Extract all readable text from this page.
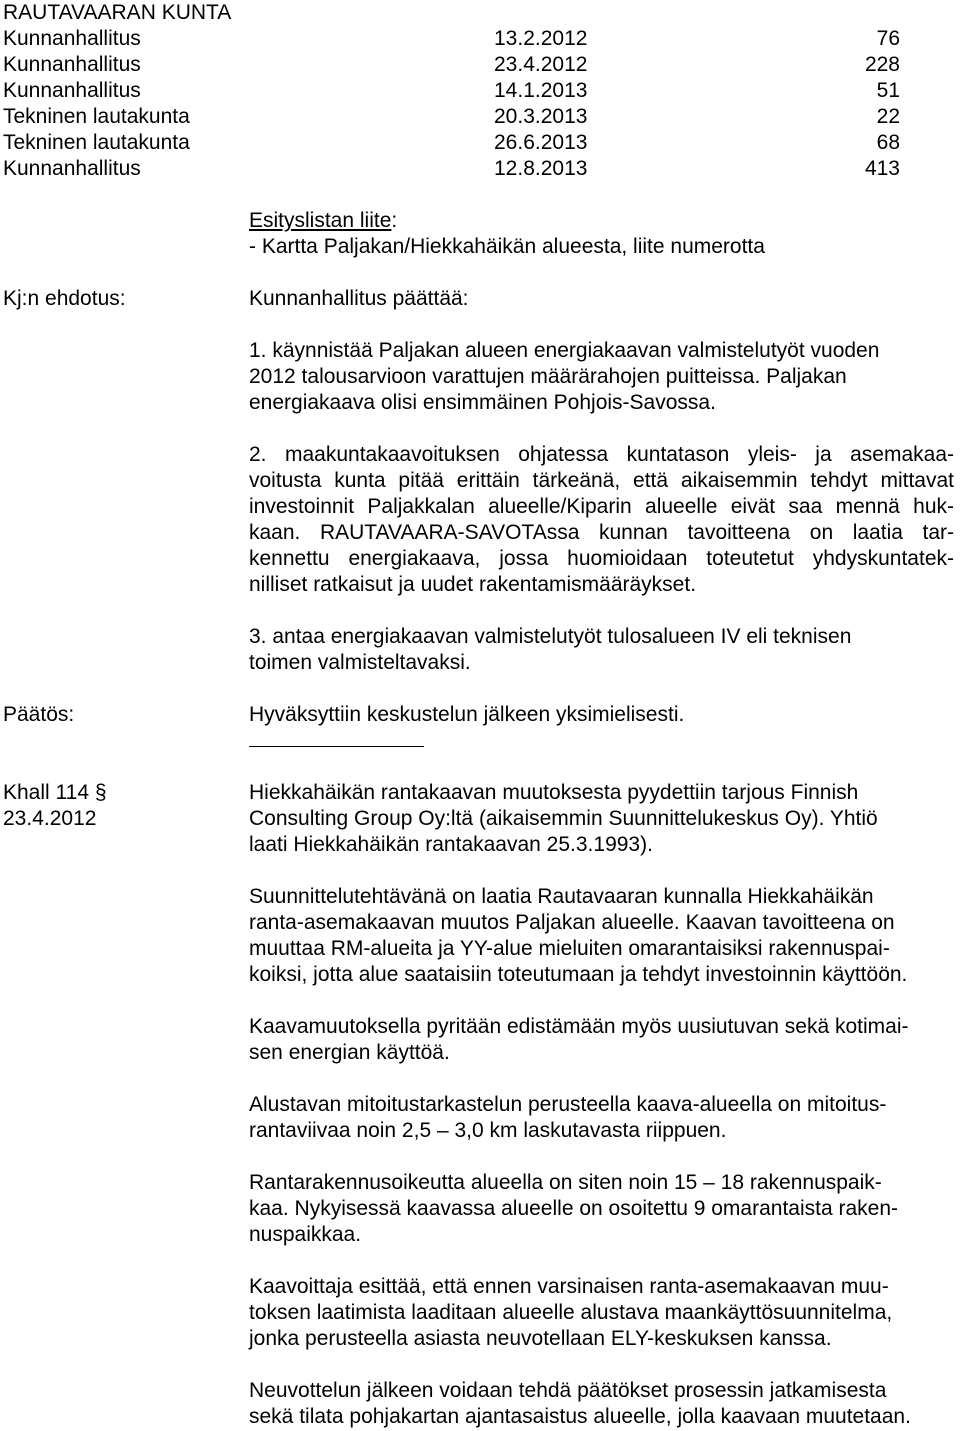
RAUTAVAARAN KUNTA
Kunnanhallitus	13.2.2012	76
Kunnanhallitus	23.4.2012	228
Kunnanhallitus	14.1.2013	51
Tekninen lautakunta	20.3.2013	22
Tekninen lautakunta	26.6.2013	68
Kunnanhallitus	12.8.2013	413
Esityslistan liite:
- Kartta Paljakan/Hiekkahäikän alueesta, liite numerotta
Kj:n ehdotus:	Kunnanhallitus päättää:
1. käynnistää Paljakan alueen energiakaavan valmistelutyöt vuoden
2012 talousarvioon varattujen määrärahojen puitteissa. Paljakan
energiakaava olisi ensimmäinen Pohjois-Savossa.
2. maakuntakaavoituksen ohjatessa kuntatason yleis- ja asemakaa-
voitusta kunta pitää erittäin tärkeänä, että aikaisemmin tehdyt mittavat
investoinnit Paljakkalan alueelle/Kiparin alueelle eivät saa mennä huk-
kaan. RAUTAVAARA-SAVOTAssa kunnan tavoitteena on laatia tar-
kennettu energiakaava, jossa huomioidaan toteutetut yhdyskuntatek-
nilliset ratkaisut ja uudet rakentamismääräykset.
3. antaa energiakaavan valmistelutyöt tulosalueen IV eli teknisen
toimen valmisteltavaksi.
Päätös:	Hyväksyttiin keskustelun jälkeen yksimielisesti.
Khall 114 §
23.4.2012
Hiekkahäikän rantakaavan muutoksesta pyydettiin tarjous Finnish
Consulting Group Oy:ltä (aikaisemmin Suunnittelukeskus Oy). Yhtiö
laati Hiekkahäikän rantakaavan 25.3.1993).
Suunnittelutehtävänä on laatia Rautavaaran kunnalla Hiekkahäikän
ranta-asemakaavan muutos Paljakan alueelle. Kaavan tavoitteena on
muuttaa RM-alueita ja YY-alue mieluiten omarantaisiksi rakennuspai-
koiksi, jotta alue saataisiin toteutumaan ja tehdyt investoinnin käyttöön.
Kaavamuutoksella pyritään edistämään myös uusiutuvan sekä kotimai-
sen energian käyttöä.
Alustavan mitoitustarkastelun perusteella kaava-alueella on mitoitus-
rantaviivaa noin 2,5 – 3,0 km laskutavasta riippuen.
Rantarakennusoikeutta alueella on siten noin 15 – 18 rakennuspaik-
kaa. Nykyisessä kaavassa alueelle on osoitettu 9 omarantaista raken-
nuspaikkaa.
Kaavoittaja esittää, että ennen varsinaisen ranta-asemakaavan muu-
toksen laatimista laaditaan alueelle alustava maankäyttösuunnitelma,
jonka perusteella asiasta neuvotellaan ELY-keskuksen kanssa.
Neuvottelun jälkeen voidaan tehdä päätökset prosessin jatkamisesta
sekä tilata pohjakartan ajantasaistus alueelle, jolla kaavaan muutetaan.
